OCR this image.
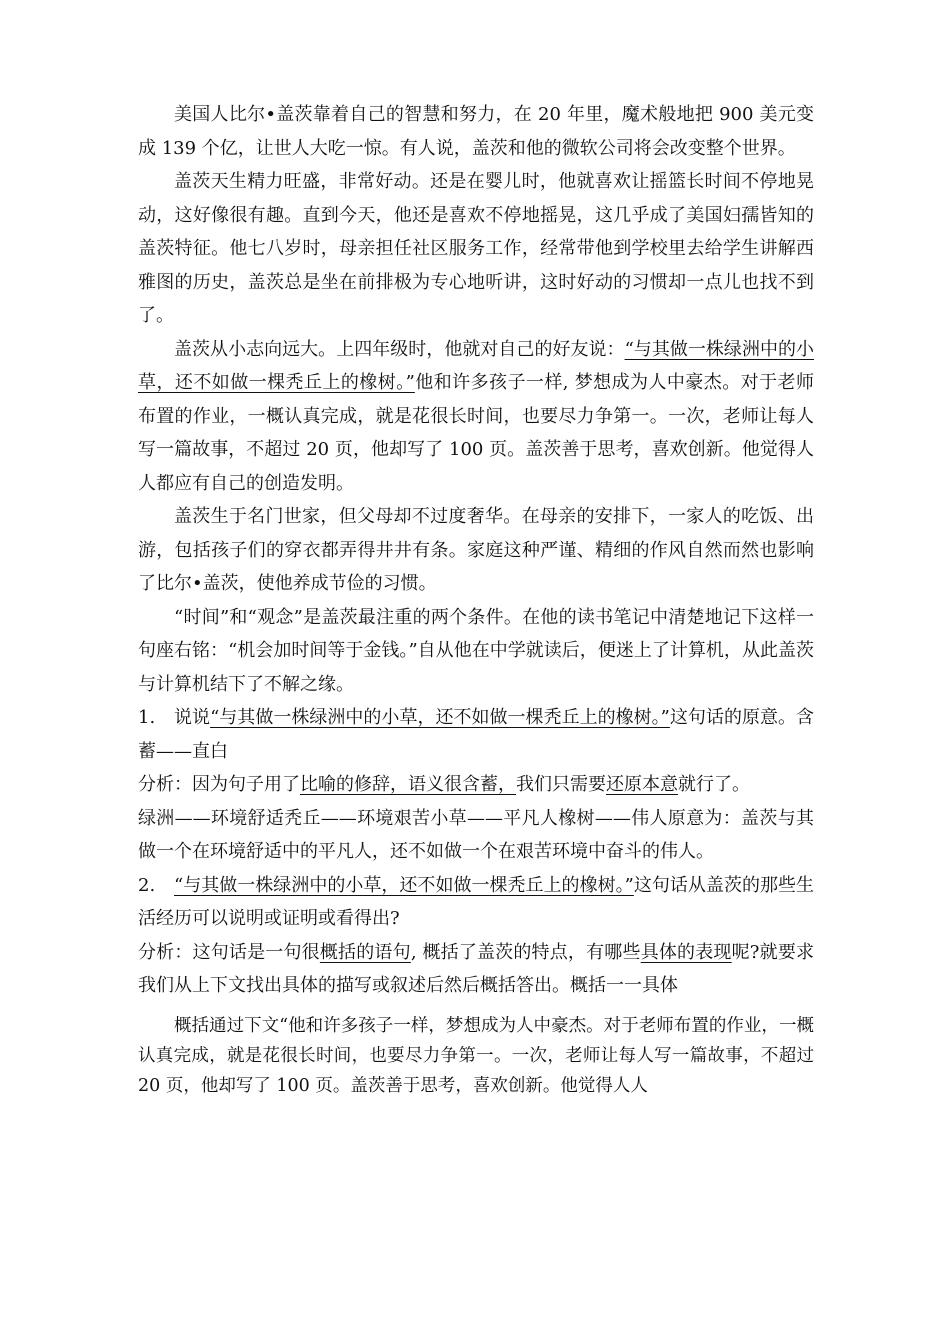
美国人比尔•盖茨靠着自己的智慧和努力，在 20 年里，魔术般地把 900 美元变成 139 个亿，让世人大吃一惊。有人说，盖茨和他的微软公司将会改变整个世界。

盖茨天生精力旺盛，非常好动。还是在婴儿时，他就喜欢让摇篮长时间不停地晃动，这好像很有趣。直到今天，他还是喜欢不停地摇晃，这几乎成了美国妇孺皆知的盖茨特征。他七八岁时，母亲担任社区服务工作，经常带他到学校里去给学生讲解西雅图的历史，盖茨总是坐在前排极为专心地听讲，这时好动的习惯却一点儿也找不到了。

盖茨从小志向远大。上四年级时，他就对自己的好友说：“与其做一株绿洲中的小草，还不如做一棵秃丘上的橡树。”他和许多孩子一样, 梦想成为人中豪杰。对于老师布置的作业，一概认真完成，就是花很长时间，也要尽力争第一。一次，老师让每人写一篇故事，不超过 20 页，他却写了 100 页。盖茨善于思考，喜欢创新。他觉得人人都应有自己的创造发明。

盖茨生于名门世家，但父母却不过度奢华。在母亲的安排下，一家人的吃饭、出游，包括孩子们的穿衣都弄得井井有条。家庭这种严谨、精细的作风自然而然也影响了比尔•盖茨，使他养成节俭的习惯。

“时间”和“观念”是盖茨最注重的两个条件。在他的读书笔记中清楚地记下这样一句座右铭：“机会加时间等于金钱。”自从他在中学就读后，便迷上了计算机，从此盖茨与计算机结下了不解之缘。

1. 说说“与其做一株绿洲中的小草，还不如做一棵秃丘上的橡树。”这句话的原意。含蓄——直白

分析：因为句子用了比喻的修辞，语义很含蓄，我们只需要还原本意就行了。

绿洲——环境舒适秃丘——环境艰苦小草——平凡人橡树——伟人原意为：盖茨与其做一个在环境舒适中的平凡人，还不如做一个在艰苦环境中奋斗的伟人。

2. “与其做一株绿洲中的小草，还不如做一棵秃丘上的橡树。”这句话从盖茨的那些生活经历可以说明或证明或看得出?

分析：这句话是一句很概括的语句, 概括了盖茨的特点，有哪些具体的表现呢?就要求我们从上下文找出具体的描写或叙述后然后概括答出。概括一一具体

概括通过下文“他和许多孩子一样，梦想成为人中豪杰。对于老师布置的作业，一概认真完成，就是花很长时间，也要尽力争第一。一次，老师让每人写一篇故事，不超过 20 页，他却写了 100 页。盖茨善于思考，喜欢创新。他觉得人人
